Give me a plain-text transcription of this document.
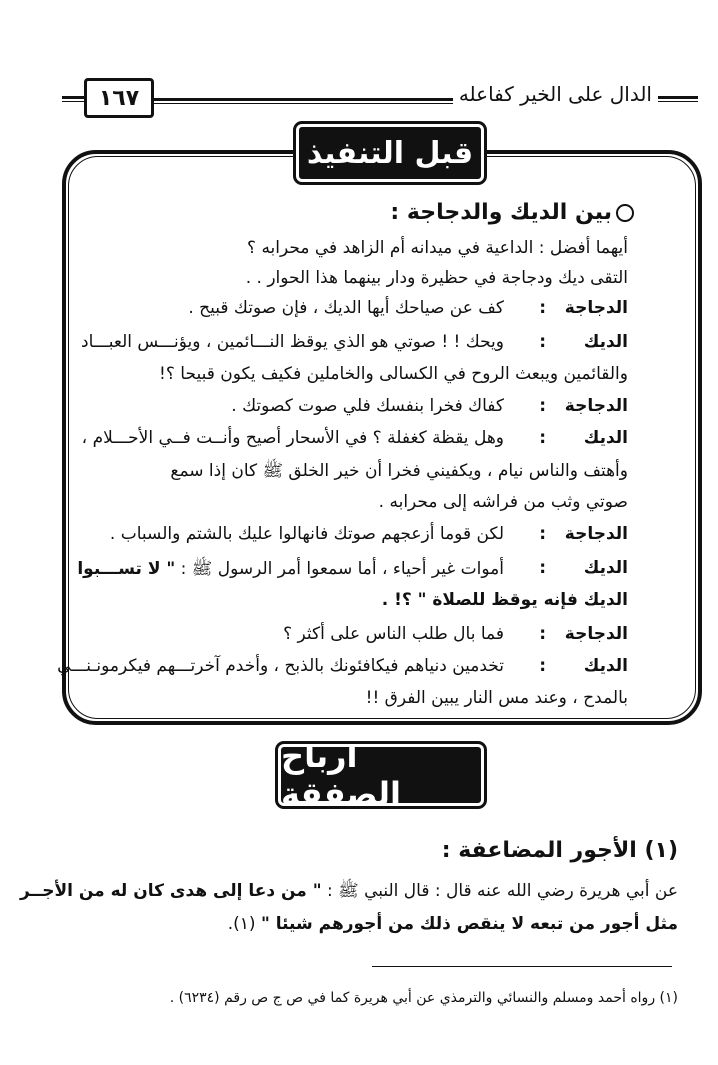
١٦٧	الدال على الخير كفاعله
قبل التنفيذ
بين الديك والدجاجة :
أيهما أفضل : الداعية في ميدانه أم الزاهد في محرابه ؟
التقى ديك ودجاجة في حظيرة ودار بينهما هذا الحوار . .
الدجاجة
:
كف عن صياحك أيها الديك ، فإن صوتك قبيح .
الديك
:
ويحك ! ! صوتي هو الذي يوقظ النـــائمين ، ويؤنـــس العبـــاد
والقائمين ويبعث الروح في الكسالى والخاملين فكيف يكون قبيحا ؟!
الدجاجة
:
كفاك فخرا بنفسك فلي صوت كصوتك .
الديك
:
وهل يقظة كغفلة ؟ في الأسحار أصيح وأنــت فــي الأحـــلام ،
وأهتف والناس نيام ، ويكفيني فخرا أن خير الخلق ﷺ كان إذا سمع
صوتي وثب من فراشه إلى محرابه .
الدجاجة
:
لكن قوما أزعجهم صوتك فانهالوا عليك بالشتم والسباب .
الديك
:
أموات غير أحياء ، أما سمعوا أمر الرسول ﷺ : " لا تســـبوا
الديك فإنه يوقظ للصلاة " ؟! .
الدجاجة
:
فما بال طلب الناس على أكثر ؟
الديك
:
تخدمين دنياهم فيكافئونك بالذبح ، وأخدم آخرتـــهم فيكرمونـنـــي
بالمدح ، وعند مس النار يبين الفرق !!
أرباح الصفقة
(١) الأجور المضاعفة :
عن أبي هريرة رضي الله عنه قال : قال النبي ﷺ : " من دعا إلى هدى كان له من الأجــر
مثل أجور من تبعه لا ينقص ذلك من أجورهم شيئا " (١).
(١) رواه أحمد ومسلم والنسائي والترمذي عن أبي هريرة كما في ص ج ص رقم (٦٢٣٤) .
